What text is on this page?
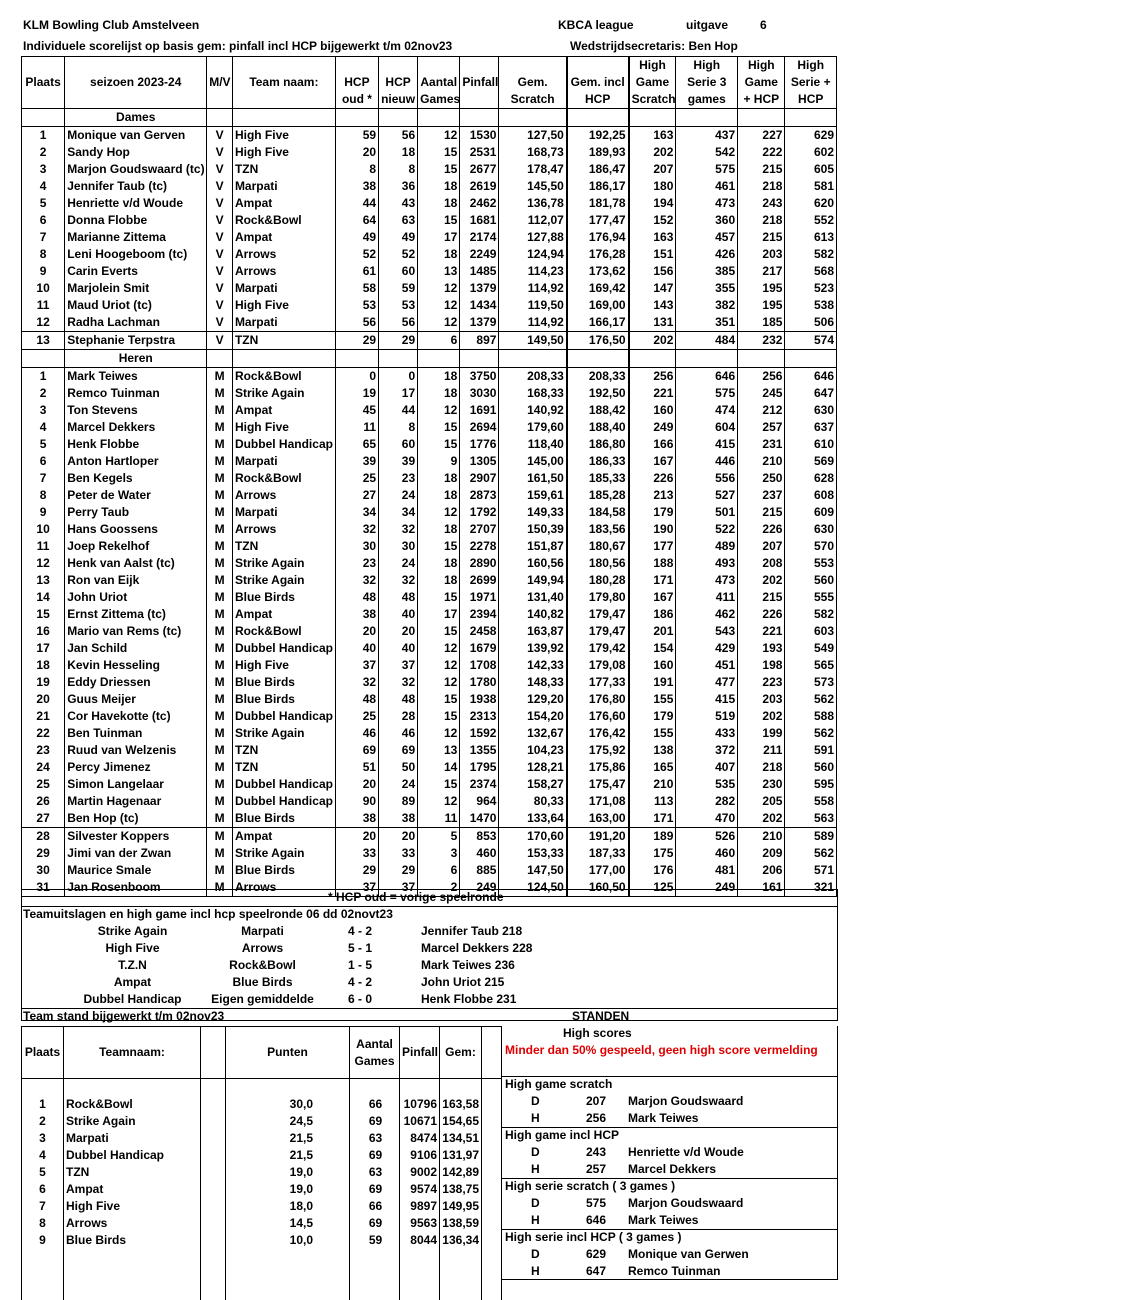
KLM Bowling Club Amstelveen	KBCA league	uitgave	6
Individuele scorelijst op basis gem: pinfall incl HCP bijgewerkt t/m 02nov23	Wedstrijdsecretaris: Ben Hop
Plaats	seizoen 2023-24	M/V	Team naam:	HCP oud *	HCP nieuw	Aantal Games	Pinfall	Gem. Scratch	Gem. incl HCP	High Game Scratch	High Serie 3 games	High Game + HCP	High Serie + HCP
	Dames												
1	Monique van Gerven	V	High Five	59	56	12	1530	127,50	192,25	163	437	227	629
2	Sandy Hop	V	High Five	20	18	15	2531	168,73	189,93	202	542	222	602
3	Marjon Goudswaard (tc)	V	TZN	8	8	15	2677	178,47	186,47	207	575	215	605
4	Jennifer Taub (tc)	V	Marpati	38	36	18	2619	145,50	186,17	180	461	218	581
5	Henriette v/d Woude	V	Ampat	44	43	18	2462	136,78	181,78	194	473	243	620
6	Donna Flobbe	V	Rock&Bowl	64	63	15	1681	112,07	177,47	152	360	218	552
7	Marianne Zittema	V	Ampat	49	49	17	2174	127,88	176,94	163	457	215	613
8	Leni Hoogeboom (tc)	V	Arrows	52	52	18	2249	124,94	176,28	151	426	203	582
9	Carin Everts	V	Arrows	61	60	13	1485	114,23	173,62	156	385	217	568
10	Marjolein Smit	V	Marpati	58	59	12	1379	114,92	169,42	147	355	195	523
11	Maud Uriot (tc)	V	High Five	53	53	12	1434	119,50	169,00	143	382	195	538
12	Radha Lachman	V	Marpati	56	56	12	1379	114,92	166,17	131	351	185	506
13	Stephanie Terpstra	V	TZN	29	29	6	897	149,50	176,50	202	484	232	574
	Heren												
1	Mark Teiwes	M	Rock&Bowl	0	0	18	3750	208,33	208,33	256	646	256	646
2	Remco Tuinman	M	Strike Again	19	17	18	3030	168,33	192,50	221	575	245	647
3	Ton Stevens	M	Ampat	45	44	12	1691	140,92	188,42	160	474	212	630
4	Marcel Dekkers	M	High Five	11	8	15	2694	179,60	188,40	249	604	257	637
5	Henk Flobbe	M	Dubbel Handicap	65	60	15	1776	118,40	186,80	166	415	231	610
6	Anton Hartloper	M	Marpati	39	39	9	1305	145,00	186,33	167	446	210	569
7	Ben Kegels	M	Rock&Bowl	25	23	18	2907	161,50	185,33	226	556	250	628
8	Peter de Water	M	Arrows	27	24	18	2873	159,61	185,28	213	527	237	608
9	Perry Taub	M	Marpati	34	34	12	1792	149,33	184,58	179	501	215	609
10	Hans Goossens	M	Arrows	32	32	18	2707	150,39	183,56	190	522	226	630
11	Joep Rekelhof	M	TZN	30	30	15	2278	151,87	180,67	177	489	207	570
12	Henk van Aalst (tc)	M	Strike Again	23	24	18	2890	160,56	180,56	188	493	208	553
13	Ron van Eijk	M	Strike Again	32	32	18	2699	149,94	180,28	171	473	202	560
14	John Uriot	M	Blue Birds	48	48	15	1971	131,40	179,80	167	411	215	555
15	Ernst Zittema (tc)	M	Ampat	38	40	17	2394	140,82	179,47	186	462	226	582
16	Mario van Rems (tc)	M	Rock&Bowl	20	20	15	2458	163,87	179,47	201	543	221	603
17	Jan Schild	M	Dubbel Handicap	40	40	12	1679	139,92	179,42	154	429	193	549
18	Kevin Hesseling	M	High Five	37	37	12	1708	142,33	179,08	160	451	198	565
19	Eddy Driessen	M	Blue Birds	32	32	12	1780	148,33	177,33	191	477	223	573
20	Guus Meijer	M	Blue Birds	48	48	15	1938	129,20	176,80	155	415	203	562
21	Cor Havekotte (tc)	M	Dubbel Handicap	25	28	15	2313	154,20	176,60	179	519	202	588
22	Ben Tuinman	M	Strike Again	46	46	12	1592	132,67	176,42	155	433	199	562
23	Ruud van Welzenis	M	TZN	69	69	13	1355	104,23	175,92	138	372	211	591
24	Percy Jimenez	M	TZN	51	50	14	1795	128,21	175,86	165	407	218	560
25	Simon Langelaar	M	Dubbel Handicap	20	24	15	2374	158,27	175,47	210	535	230	595
26	Martin Hagenaar	M	Dubbel Handicap	90	89	12	964	80,33	171,08	113	282	205	558
27	Ben Hop (tc)	M	Blue Birds	38	38	11	1470	133,64	163,00	171	470	202	563
28	Silvester Koppers	M	Ampat	20	20	5	853	170,60	191,20	189	526	210	589
29	Jimi van der Zwan	M	Strike Again	33	33	3	460	153,33	187,33	175	460	209	562
30	Maurice Smale	M	Blue Birds	29	29	6	885	147,50	177,00	176	481	206	571
31	Jan Rosenboom	M	Arrows	37	37	2	249	124,50	160,50	125	249	161	321
* HCP oud = vorige speelronde
Teamuitslagen en high game incl hcp speelronde 06 dd 02novt23
Strike Again	Marpati	4 - 2	Jennifer Taub 218
High Five	Arrows	5 - 1	Marcel Dekkers 228
T.Z.N	Rock&Bowl	1 - 5	Mark Teiwes 236
Ampat	Blue Birds	4 - 2	John Uriot 215
Dubbel Handicap	Eigen gemiddelde	6 - 0	Henk Flobbe 231
Team stand bijgewerkt t/m 02nov23	STANDEN
High scores
Minder dan 50% gespeeld, geen high score vermelding
Plaats	Teamnaam:		Punten	Aantal Games	Pinfall	Gem:	

1	Rock&Bowl		30,0	66	10796	163,58	
2	Strike Again		24,5	69	10671	154,65	
3	Marpati		21,5	63	8474	134,51	
4	Dubbel Handicap		21,5	69	9106	131,97	
5	TZN		19,0	63	9002	142,89	
6	Ampat		19,0	69	9574	138,75	
7	High Five		18,0	66	9897	149,95	
8	Arrows		14,5	69	9563	138,59	
9	Blue Birds		10,0	59	8044	136,34	

High game scratch
D	207 Marjon Goudswaard
H	256 Mark Teiwes
High game incl HCP
D	243 Henriette v/d Woude
H	257 Marcel Dekkers
High serie scratch ( 3 games )
D	575 Marjon Goudswaard
H	646 Mark Teiwes
High serie incl HCP ( 3 games )
D	629 Monique van Gerwen
H	647 Remco Tuinman
